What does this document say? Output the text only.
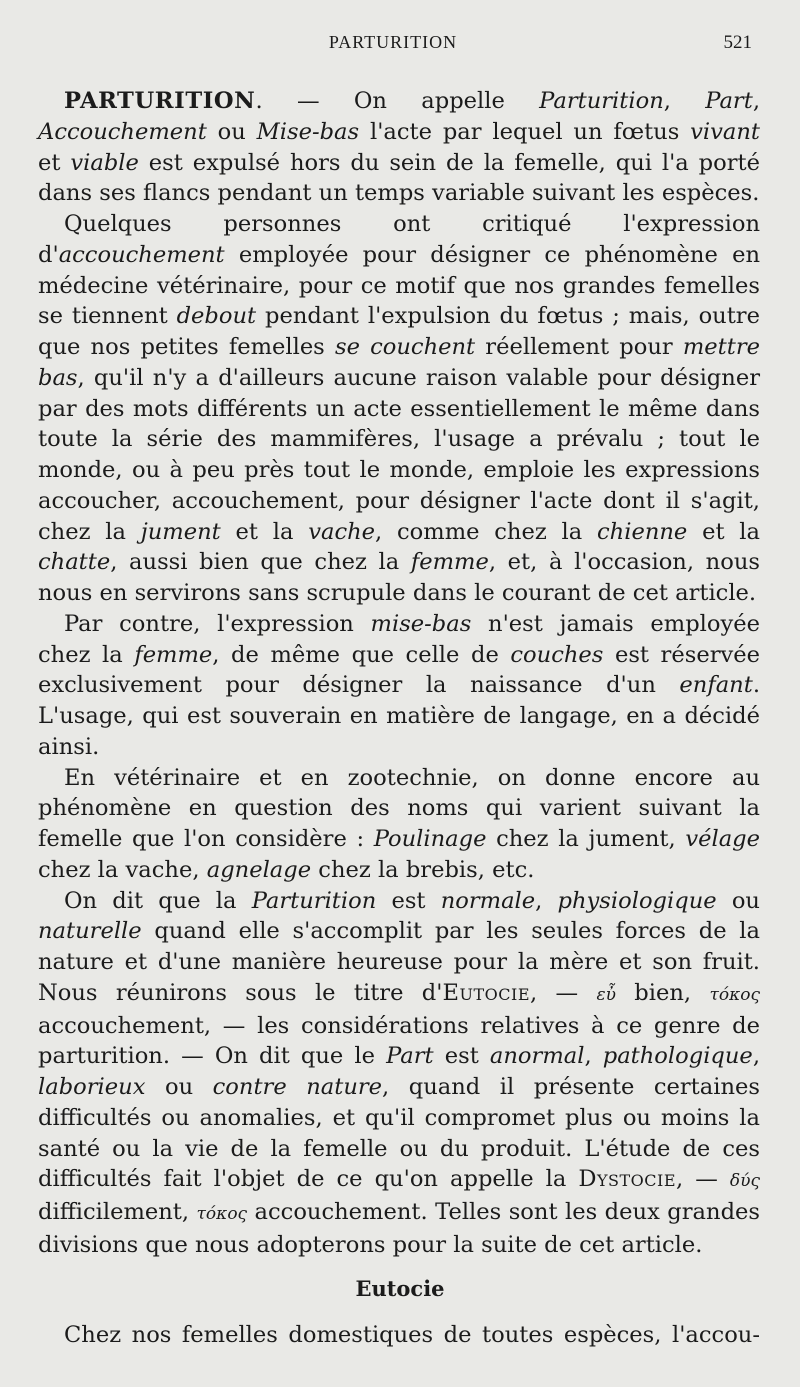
PARTURITION	521

PARTURITION. — On appelle Parturition, Part, Accouchement ou Mise-bas l'acte par lequel un fœtus vivant et viable est expulsé hors du sein de la femelle, qui l'a porté dans ses flancs pendant un temps variable suivant les espèces.

Quelques personnes ont critiqué l'expression d'accouchement employée pour désigner ce phénomène en médecine vétérinaire, pour ce motif que nos grandes femelles se tiennent debout pendant l'expulsion du fœtus ; mais, outre que nos petites femelles se couchent réellement pour mettre bas, qu'il n'y a d'ailleurs aucune raison valable pour désigner par des mots différents un acte essentiellement le même dans toute la série des mammifères, l'usage a prévalu ; tout le monde, ou à peu près tout le monde, emploie les expressions accoucher, accouchement, pour désigner l'acte dont il s'agit, chez la jument et la vache, comme chez la chienne et la chatte, aussi bien que chez la femme, et, à l'occasion, nous nous en servirons sans scrupule dans le courant de cet article.

Par contre, l'expression mise-bas n'est jamais employée chez la femme, de même que celle de couches est réservée exclusivement pour désigner la naissance d'un enfant. L'usage, qui est souverain en matière de langage, en a décidé ainsi.

En vétérinaire et en zootechnie, on donne encore au phénomène en question des noms qui varient suivant la femelle que l'on considère : Poulinage chez la jument, vélage chez la vache, agnelage chez la brebis, etc.

On dit que la Parturition est normale, physiologique ou naturelle quand elle s'accomplit par les seules forces de la nature et d'une manière heureuse pour la mère et son fruit. Nous réunirons sous le titre d'Eutocie, — εὖ bien, τόκος accouchement, — les considérations relatives à ce genre de parturition. — On dit que le Part est anormal, pathologique, laborieux ou contre nature, quand il présente certaines difficultés ou anomalies, et qu'il compromet plus ou moins la santé ou la vie de la femelle ou du produit. L'étude de ces difficultés fait l'objet de ce qu'on appelle la Dystocie, — δύς difficilement, τόκος accouchement. Telles sont les deux grandes divisions que nous adopterons pour la suite de cet article.

Eutocie

Chez nos femelles domestiques de toutes espèces, l'accou-
